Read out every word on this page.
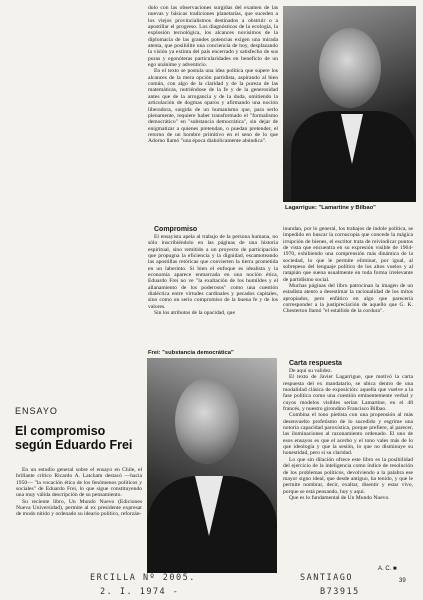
dolo con las observaciones surgidas del examen de las nuevas y básicas tradiciones planetarias, que suceden a los viejos provincialismos destinados a obstruir o a apostillar el progreso. Los diagnósticos de la ecología, la explosión tecnológica, los alcances novísimos de la diplomacia de las grandes potencias exigen una mirada atenta, que posibilite una conciencia de hoy, desplazando la visión ya extinta del país encerrado y satisfecho de sus puras y egonóteras particularidades en beneficio de un ego unánime y adventicio.

En el texto se postula una idea política que supere los alcances de la mera opción partidista, aspirando al bien común, con algo de la claridad y de la pureza de las matemáticas, nutriéndose de la fe y de la generosidad antes que de la arrogancia y de la duda, omitiendo la articulación de dogmas oparos y afirmando una noción liberadora, surgida de un humanismo que, para serlo plenamente, requiere haber transformado el "formalismo democrático" en "substancia democrática", sin dejar de enigmatizar a quienes pretendan, o puedan pretender, el retorno de un hombre primitivo en el seno de lo que Adorno llamó "una época diabólicamente abúndica".

Compromiso

El ensayista apela al trabajo de la persona humana, no sólo inscribiéndolo en las páginas de una historia espiritual, sino remitido a un proyecto de participación que propugna la eficiencia y la dignidad, escamoteando las apostillas retóricas que convierten la tierra prometida en un laberinto. Si bien el enfoque es idealista y la economía aparece enmarcada en una noción ética, Eduardo Frei no ve "la exaltación de los humildes y el allanamiento de los poderosos" como una cuestión dialéctica entre virtudes cardinales y pecados capitales, sino como un serio compromiso de la buena fe y de los valores.

Sin los atributos de la opacidad, que

Lagarrigue: "Lamartine y Bilbao"

inundan, por lo general, los trabajos de índole política, se impedido en buscar la cornucopia que concede la mágica irrupción de bienes, el escritor trata de reivindicar puntos de vista que encuentra en su expresión visible de 1964-1970, exhibiendo una comprensión más dinámica de la sociedad, lo que le permite eliminar, por igual, al sobrepeso del lenguaje político de los altos vuelos y al ratapián que suena usualmente en toda forma irrelevante de partidismo social.

Muchas páginas del libro patrocinan la imagen de un estadista atento a desestimar la racionalidad de los mitos apropiados, pero enfático en algo que parecería corresponder a la justipreciación de aquello que G. K. Chesterton llamó "el estallido de la cordura".

Carta respuesta

De aquí su validez.

El texto de Javier Lagarrigue, que motivó la carta respuesta del ex mandatario, se ubica dentro de una modalidad clásica de exposición: aquella que vuelve a la fase política como una cuestión eminentemente verbal y cuyos modelos visibles serían Lamartine, en el 48 francés, y nuestro girondino Francisco Bilbao.

Combina el tono pietista con una propensión al más desenvuelto profetismo de lo sucedido y esgrime una notoria capacidad paroxística, porque prefiere, al parecer, las iluminaciones al razonamiento ordenado. El uno de esos ensayos es que el acerbo y el tono vales más de lo que ideología y que la sesión, lo que no disminuye su honestidad, pero sí su claridad.

Lo que sin dilación ofrece este libro es la posibilidad del ejercicio de la inteligencia como índice de resolución de los problemas políticos, devolviendo a la palabra ese mayor signo ideal, que desde antiguo, ha tenido, y que le permite nombrar, decir, exaltar, disentir y estar vivo, porque se está pensando, hoy y aquí.

Que es lo fundamental de Un Mundo Nuevo.

Frei: "substancia democrática"
ENSAYO
El compromiso según Eduardo Frei

En un estudio general sobre el ensayo en Chile, el brillante crítico Ricardo A. Latcham destacó —hacia 1950— "la vocación ética de los fenómenos políticos y sociales" de Eduardo Frei, lo que sigue constituyendo una muy válida descripción de su pensamiento.

Su reciente libro, Un Mundo Nuevo (Ediciones Nueva Universidad), permite al ex presidente expresar de modo nítido y ordenado su ideario político, reforzán-

ERCILLA Nº 2005.
2. I. 1974 -
SANTIAGO
B73915
A. C. ■
39
